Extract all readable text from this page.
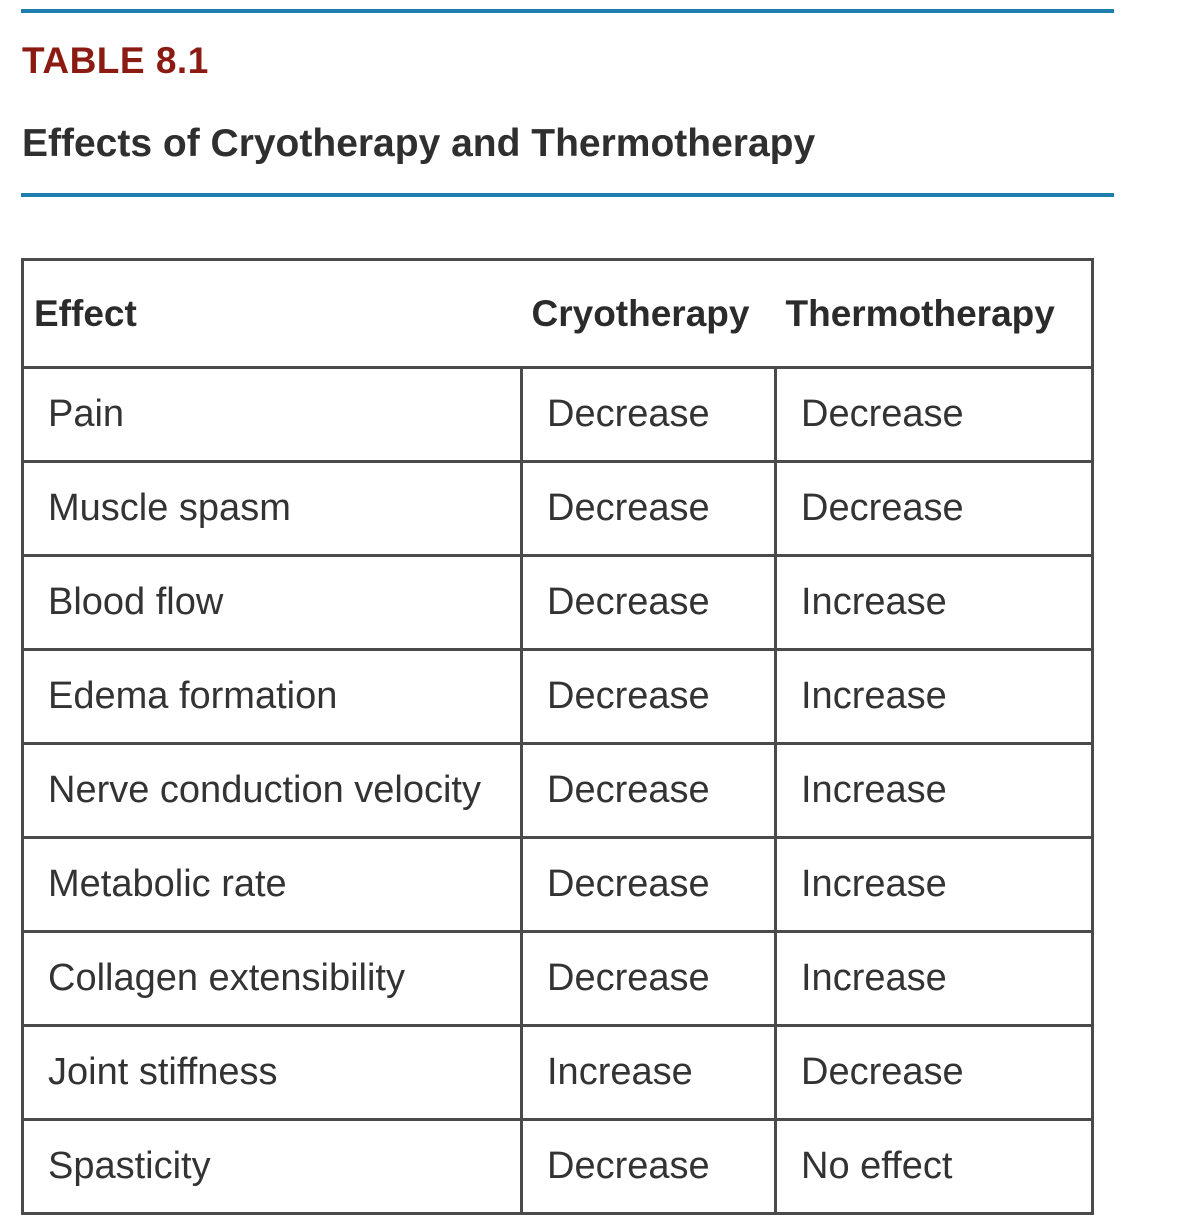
TABLE 8.1
Effects of Cryotherapy and Thermotherapy
Effect	Cryotherapy	Thermotherapy
Pain	Decrease	Decrease
Muscle spasm	Decrease	Decrease
Blood flow	Decrease	Increase
Edema formation	Decrease	Increase
Nerve conduction velocity	Decrease	Increase
Metabolic rate	Decrease	Increase
Collagen extensibility	Decrease	Increase
Joint stiffness	Increase	Decrease
Spasticity	Decrease	No effect
